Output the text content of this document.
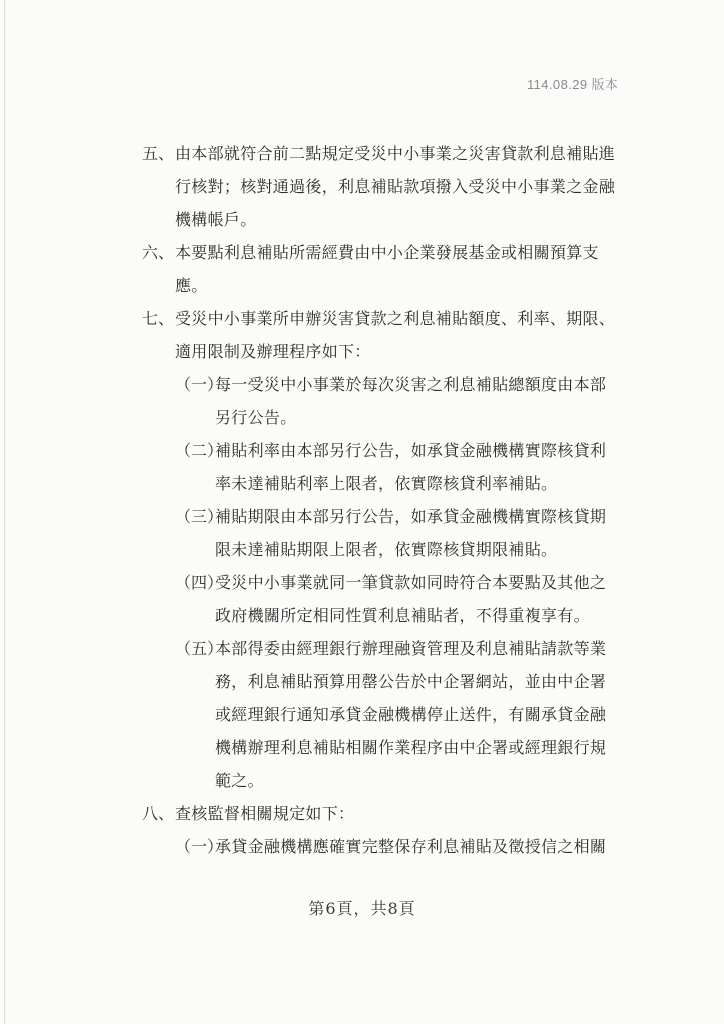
114.08.29 版本
五、由本部就符合前二點規定受災中小事業之災害貸款利息補貼進
行核對；核對通過後，利息補貼款項撥入受災中小事業之金融
機構帳戶。
六、本要點利息補貼所需經費由中小企業發展基金或相關預算支
應。
七、受災中小事業所申辦災害貸款之利息補貼額度、利率、期限、
適用限制及辦理程序如下：
（一）每一受災中小事業於每次災害之利息補貼總額度由本部
另行公告。
（二）補貼利率由本部另行公告，如承貸金融機構實際核貸利
率未達補貼利率上限者，依實際核貸利率補貼。
（三）補貼期限由本部另行公告，如承貸金融機構實際核貸期
限未達補貼期限上限者，依實際核貸期限補貼。
（四）受災中小事業就同一筆貸款如同時符合本要點及其他之
政府機關所定相同性質利息補貼者，不得重複享有。
（五）本部得委由經理銀行辦理融資管理及利息補貼請款等業
務，利息補貼預算用罄公告於中企署網站，並由中企署
或經理銀行通知承貸金融機構停止送件，有關承貸金融
機構辦理利息補貼相關作業程序由中企署或經理銀行規
範之。
八、查核監督相關規定如下：
（一）承貸金融機構應確實完整保存利息補貼及徵授信之相關
第6頁，共8頁
